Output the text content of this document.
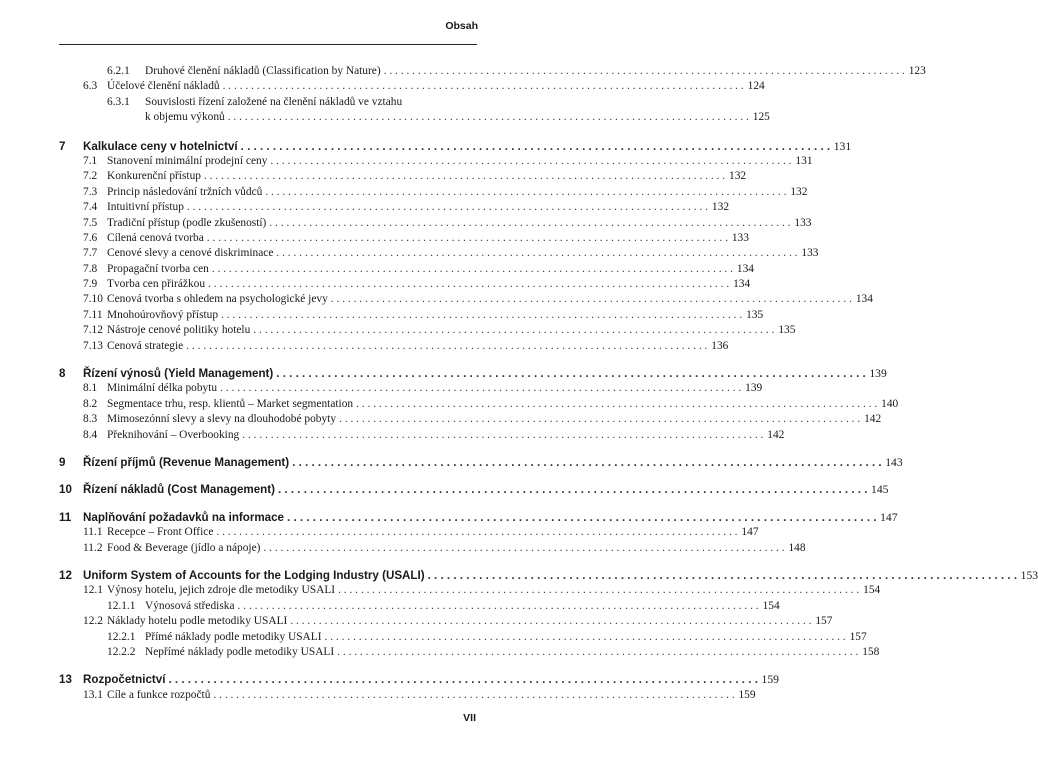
Obsah
6.2.1	Druhové členění nákladů (Classification by Nature) . . .	123
6.3 Účelové členění nákladů . . .	124
6.3.1	Souvislosti řízení založené na členění nákladů ve vztahu
k objemu výkonů . . .	125
7	Kalkulace ceny v hotelnictví . . .	131
7.1 Stanovení minimální prodejní ceny . . .	131
7.2 Konkurenční přístup . . .	132
7.3 Princip následování tržních vůdců . . .	132
7.4 Intuitivní přístup . . .	132
7.5 Tradiční přístup (podle zkušeností) . . .	133
7.6 Cílená cenová tvorba . . .	133
7.7 Cenové slevy a cenové diskriminace . . .	133
7.8 Propagační tvorba cen . . .	134
7.9 Tvorba cen přirážkou . . .	134
7.10 Cenová tvorba s ohledem na psychologické jevy . . .	134
7.11 Mnohoúrovňový přístup . . .	135
7.12 Nástroje cenové politiky hotelu . . .	135
7.13 Cenová strategie . . .	136
8	Řízení výnosů (Yield Management) . . .	139
8.1 Minimální délka pobytu . . .	139
8.2 Segmentace trhu, resp. klientů – Market segmentation . . .	140
8.3 Mimosezónní slevy a slevy na dlouhodobé pobyty . . .	142
8.4 Překnihování – Overbooking . . .	142
9	Řízení příjmů (Revenue Management) . . .	143
10 Řízení nákladů (Cost Management) . . .	145
11	Naplňování požadavků na informace . . .	147
11.1 Recepce – Front Office . . .	147
11.2 Food & Beverage (jídlo a nápoje) . . .	148
12 Uniform System of Accounts for the Lodging Industry (USALI) . . .	153
12.1 Výnosy hotelu, jejich zdroje dle metodiky USALI . . .	154
12.1.1 Výnosová střediska . . .	154
12.2 Náklady hotelu podle metodiky USALI . . .	157
12.2.1 Přímé náklady podle metodiky USALI . . .	157
12.2.2 Nepřímé náklady podle metodiky USALI . . .	158
13 Rozpočetnictví . . .	159
13.1 Cíle a funkce rozpočtů . . .	159
VII
